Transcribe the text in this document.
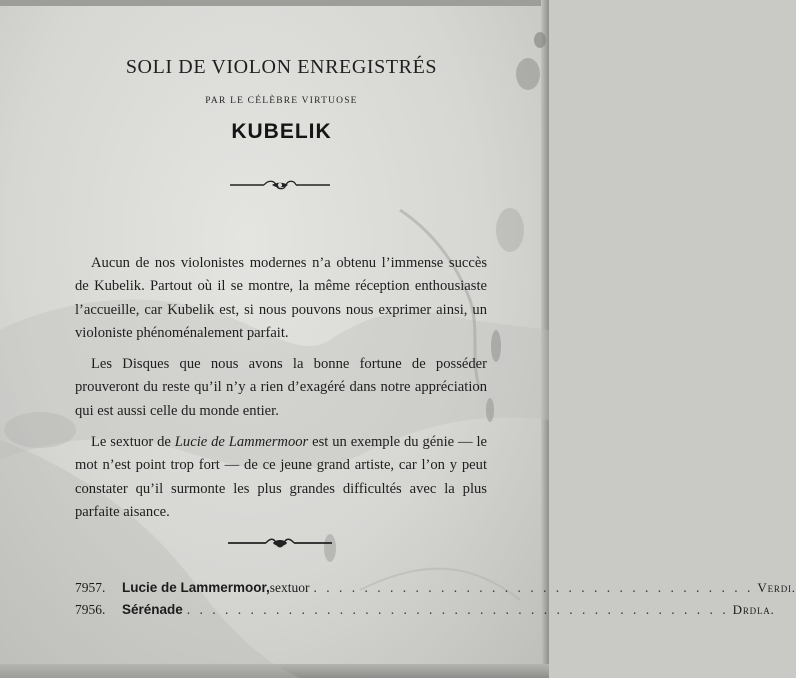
SOLI DE VIOLON ENREGISTRÉS
PAR LE CÉLÈBRE VIRTUOSE
KUBELIK

Aucun de nos violonistes modernes n’a obtenu l’immense succès de Kubelik. Partout où il se montre, la même réception enthousiaste l’accueille, car Kubelik est, si nous pouvons nous exprimer ainsi, un violoniste phénoménalement parfait.

Les Disques que nous avons la bonne fortune de posséder prouveront du reste qu’il n’y a rien d’exagéré dans notre appréciation qui est aussi celle du monde entier.

Le sextuor de Lucie de Lammermoor est un exemple du génie — le mot n’est point trop fort — de ce jeune grand artiste, car l’on y peut constater qu’il surmonte les plus grandes difficultés avec la plus parfaite aisance.

7957.	Lucie de Lammermoor, sextuor . . . . . . . . . . . . . . . . . . . . . . . . . . . . . . . . . . . Verdi.
7956.	Sérénade . . . . . . . . . . . . . . . . . . . . . . . . . . . . . . . . . . . . . . . . . . . Drdla.
